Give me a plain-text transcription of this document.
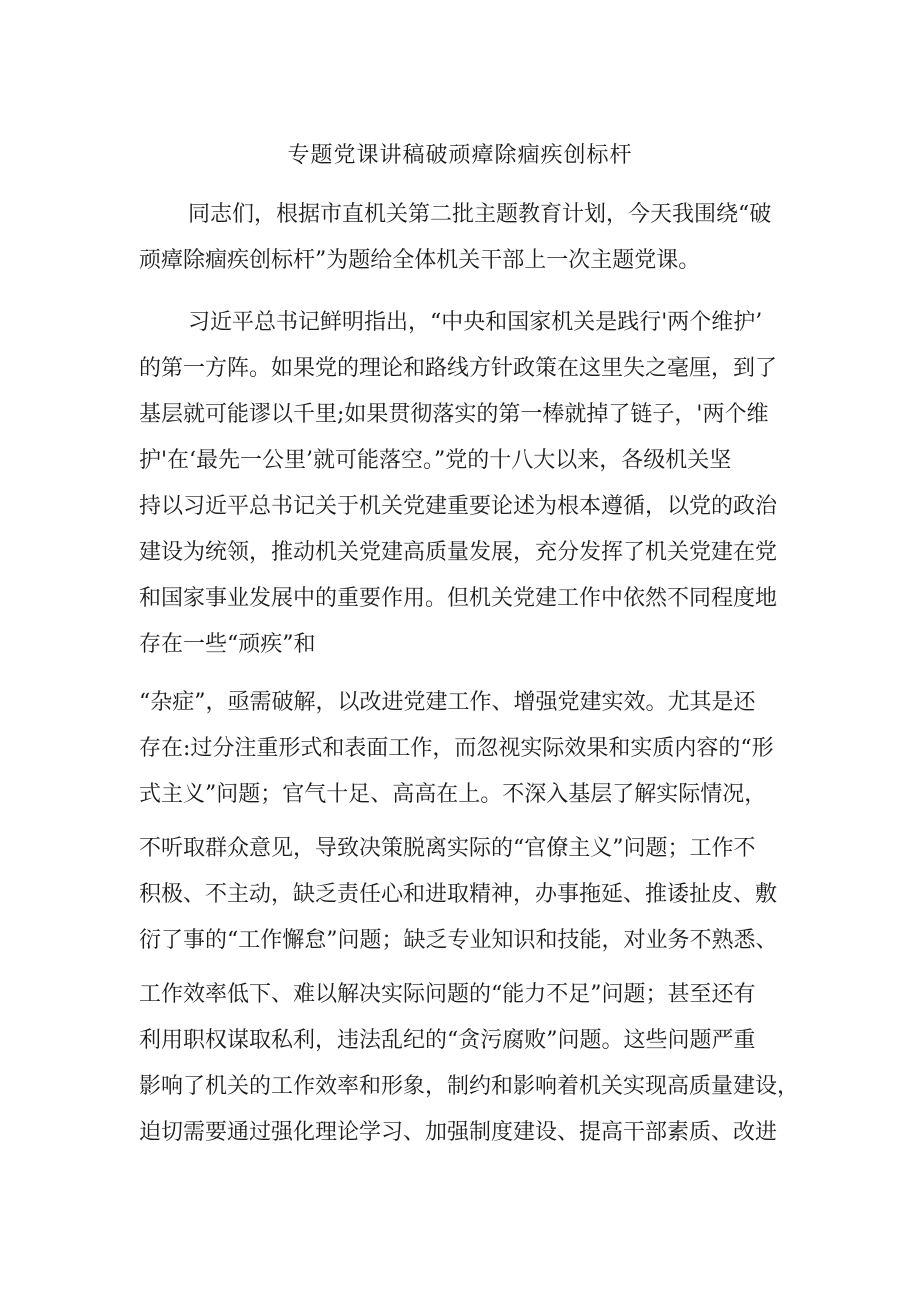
专题党课讲稿破顽瘴除痼疾创标杆

同志们，根据市直机关第二批主题教育计划，今天我围绕“破

顽瘴除痼疾创标杆”为题给全体机关干部上一次主题党课。

习近平总书记鲜明指出，“中央和国家机关是践行'两个维护’

的第一方阵。如果党的理论和路线方针政策在这里失之毫厘，到了

基层就可能谬以千里;如果贯彻落实的第一棒就掉了链子，'两个维

护'在‘最先一公里’就可能落空。”党的十八大以来，各级机关坚

持以习近平总书记关于机关党建重要论述为根本遵循，以党的政治

建设为统领，推动机关党建高质量发展，充分发挥了机关党建在党

和国家事业发展中的重要作用。但机关党建工作中依然不同程度地

存在一些“顽疾”和

“杂症”，亟需破解，以改进党建工作、增强党建实效。尤其是还

存在:过分注重形式和表面工作，而忽视实际效果和实质内容的“形

式主义”问题；官气十足、高高在上。不深入基层了解实际情况，

不听取群众意见，导致决策脱离实际的“官僚主义”问题；工作不

积极、不主动，缺乏责任心和进取精神，办事拖延、推诿扯皮、敷

衍了事的“工作懈怠”问题；缺乏专业知识和技能，对业务不熟悉、

工作效率低下、难以解决实际问题的“能力不足”问题；甚至还有

利用职权谋取私利，违法乱纪的“贪污腐败”问题。这些问题严重

影响了机关的工作效率和形象，制约和影响着机关实现高质量建设，

迫切需要通过强化理论学习、加强制度建设、提高干部素质、改进
